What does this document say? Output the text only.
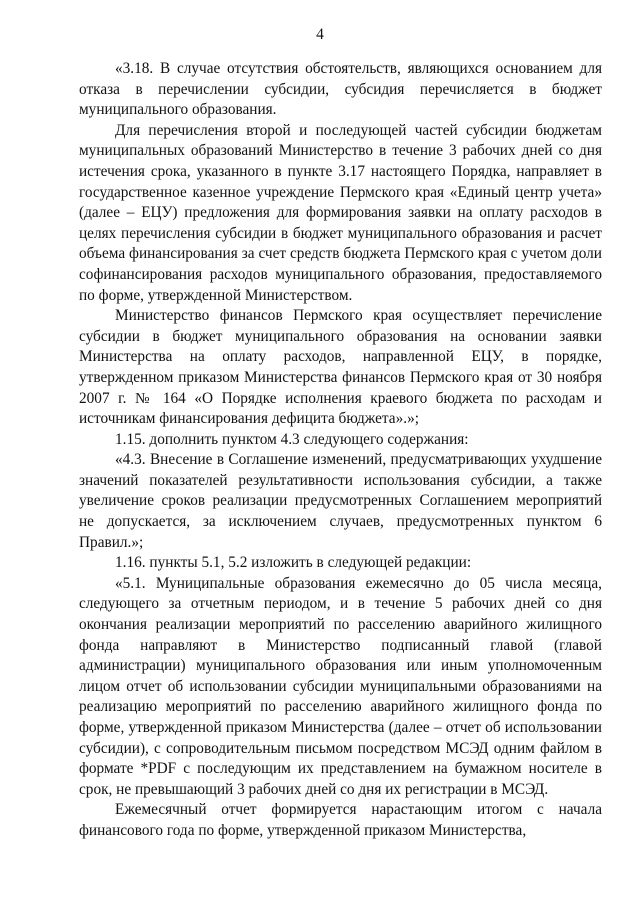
4

«3.18. В случае отсутствия обстоятельств, являющихся основанием для отказа в перечислении субсидии, субсидия перечисляется в бюджет муниципального образования.

Для перечисления второй и последующей частей субсидии бюджетам муниципальных образований Министерство в течение 3 рабочих дней со дня истечения срока, указанного в пункте 3.17 настоящего Порядка, направляет в государственное казенное учреждение Пермского края «Единый центр учета» (далее – ЕЦУ) предложения для формирования заявки на оплату расходов в целях перечисления субсидии в бюджет муниципального образования и расчет объема финансирования за счет средств бюджета Пермского края с учетом доли софинансирования расходов муниципального образования, предоставляемого по форме, утвержденной Министерством.

Министерство финансов Пермского края осуществляет перечисление субсидии в бюджет муниципального образования на основании заявки Министерства на оплату расходов, направленной ЕЦУ, в порядке, утвержденном приказом Министерства финансов Пермского края от 30 ноября 2007 г. № 164 «О Порядке исполнения краевого бюджета по расходам и источникам финансирования дефицита бюджета».»;

1.15. дополнить пунктом 4.3 следующего содержания:

«4.3. Внесение в Соглашение изменений, предусматривающих ухудшение значений показателей результативности использования субсидии, а также увеличение сроков реализации предусмотренных Соглашением мероприятий не допускается, за исключением случаев, предусмотренных пунктом 6 Правил.»;

1.16. пункты 5.1, 5.2 изложить в следующей редакции:

«5.1. Муниципальные образования ежемесячно до 05 числа месяца, следующего за отчетным периодом, и в течение 5 рабочих дней со дня окончания реализации мероприятий по расселению аварийного жилищного фонда направляют в Министерство подписанный главой (главой администрации) муниципального образования или иным уполномоченным лицом отчет об использовании субсидии муниципальными образованиями на реализацию мероприятий по расселению аварийного жилищного фонда по форме, утвержденной приказом Министерства (далее – отчет об использовании субсидии), с сопроводительным письмом посредством МСЭД одним файлом в формате *PDF с последующим их представлением на бумажном носителе в срок, не превышающий 3 рабочих дней со дня их регистрации в МСЭД.

Ежемесячный отчет формируется нарастающим итогом с начала финансового года по форме, утвержденной приказом Министерства,
